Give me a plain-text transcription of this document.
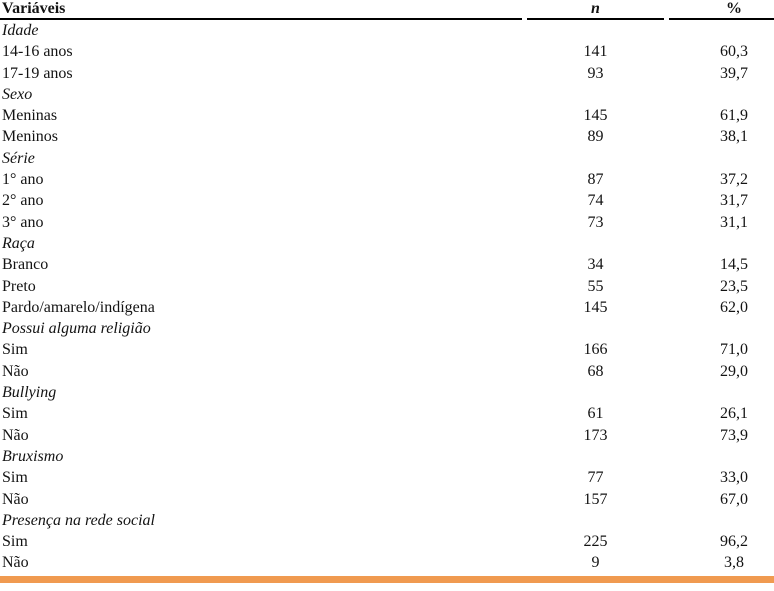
Variáveis	n	%
Idade		
14-16 anos	141	60,3
17-19 anos	93	39,7
Sexo		
Meninas	145	61,9
Meninos	89	38,1
Série		
1° ano	87	37,2
2° ano	74	31,7
3° ano	73	31,1
Raça		
Branco	34	14,5
Preto	55	23,5
Pardo/amarelo/indígena	145	62,0
Possui alguma religião		
Sim	166	71,0
Não	68	29,0
Bullying		
Sim	61	26,1
Não	173	73,9
Bruxismo		
Sim	77	33,0
Não	157	67,0
Presença na rede social		
Sim	225	96,2
Não	9	3,8
